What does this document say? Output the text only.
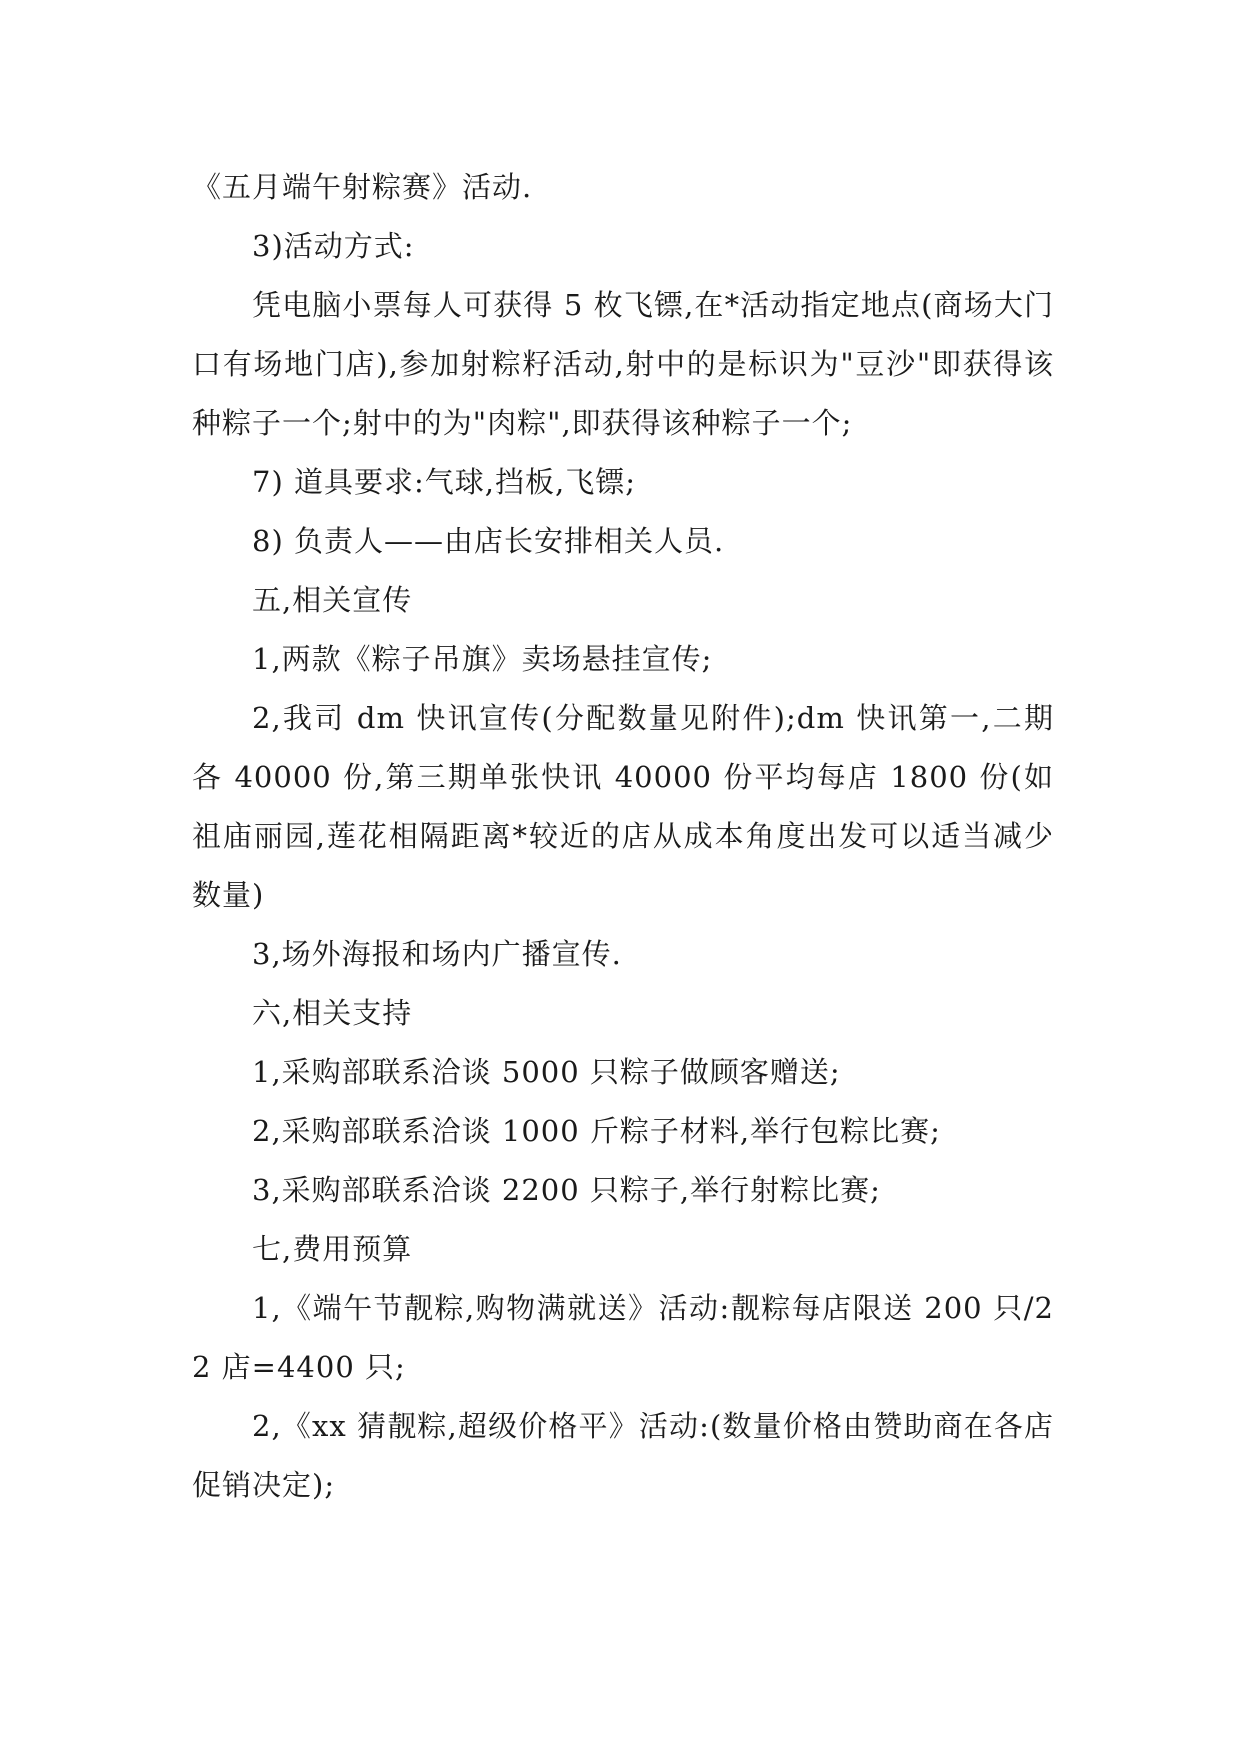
《五月端午射粽赛》活动.

3)活动方式:

凭电脑小票每人可获得 5 枚飞镖,在*活动指定地点(商场大门口有场地门店),参加射粽籽活动,射中的是标识为"豆沙"即获得该种粽子一个;射中的为"肉粽",即获得该种粽子一个;

7) 道具要求:气球,挡板,飞镖;

8) 负责人——由店长安排相关人员.

五,相关宣传

1,两款《粽子吊旗》卖场悬挂宣传;

2,我司 dm 快讯宣传(分配数量见附件);dm 快讯第一,二期各 40000 份,第三期单张快讯 40000 份平均每店 1800 份(如祖庙丽园,莲花相隔距离*较近的店从成本角度出发可以适当减少数量)

3,场外海报和场内广播宣传.

六,相关支持

1,采购部联系洽谈 5000 只粽子做顾客赠送;

2,采购部联系洽谈 1000 斤粽子材料,举行包粽比赛;

3,采购部联系洽谈 2200 只粽子,举行射粽比赛;

七,费用预算

1,《端午节靓粽,购物满就送》活动:靓粽每店限送 200 只/22 店=4400 只;

2,《xx 猜靓粽,超级价格平》活动:(数量价格由赞助商在各店促销决定);
